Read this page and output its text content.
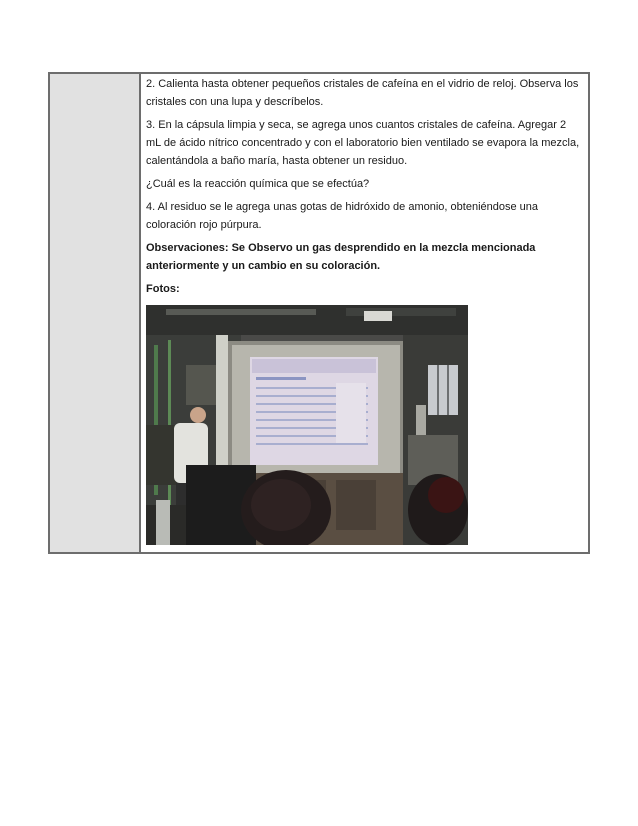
2. Calienta hasta obtener pequeños cristales de cafeína en el vidrio de reloj. Observa los cristales con una lupa y descríbelos.

3. En la cápsula limpia y seca, se agrega unos cuantos cristales de cafeína. Agregar 2 mL de ácido nítrico concentrado y con el laboratorio bien ventilado se evapora la mezcla, calentándola a baño maría, hasta obtener un residuo.

¿Cuál es la reacción química que se efectúa?

4. Al residuo se le agrega unas gotas de hidróxido de amonio, obteniéndose una coloración rojo púrpura.

Observaciones: Se Observo un gas desprendido en la mezcla mencionada anteriormente y un cambio en su coloración.

Fotos:
